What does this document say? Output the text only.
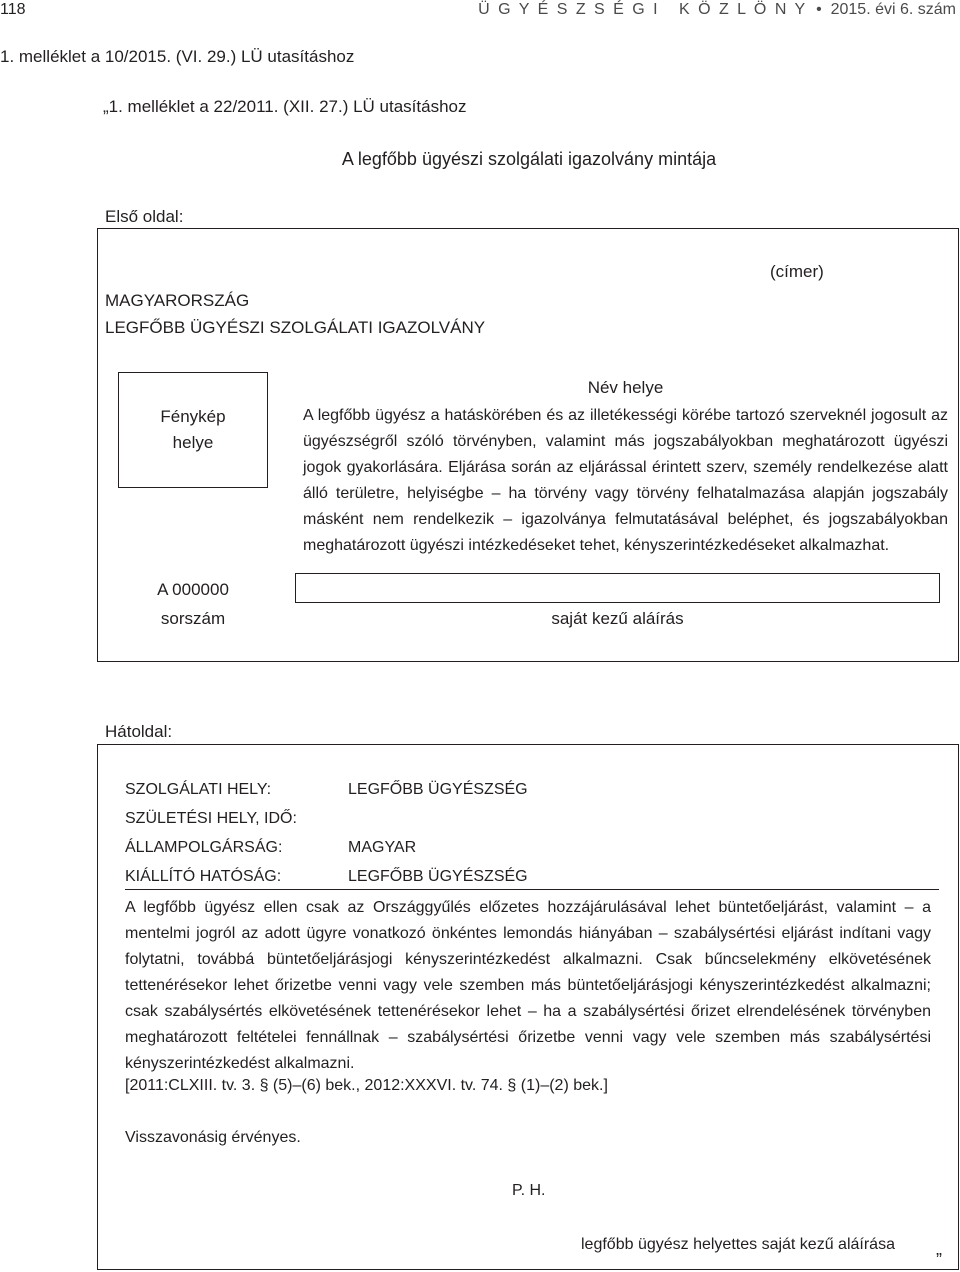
118	Ü G Y É S Z S É G I   K Ö Z L Ö N Y • 2015. évi 6. szám
1. melléklet a 10/2015. (VI. 29.) LÜ utasításhoz
„1. melléklet a 22/2011. (XII. 27.) LÜ utasításhoz
A legfőbb ügyészi szolgálati igazolvány mintája
Első oldal:
(címer)
MAGYARORSZÁG
LEGFŐBB ÜGYÉSZI SZOLGÁLATI IGAZOLVÁNY
Fénykép
helye
Név helye
A legfőbb ügyész a hatáskörében és az illetékességi körébe tartozó szerveknél jogosult az ügyészségről szóló törvényben, valamint más jogszabályokban meghatározott ügyészi jogok gyakorlására. Eljárása során az eljárással érintett szerv, személy rendelkezése alatt álló területre, helyiségbe – ha törvény vagy törvény felhatalmazása alapján jogszabály másként nem rendelkezik – igazolványa felmutatásával beléphet, és jogszabályokban meghatározott ügyészi intézkedéseket tehet, kényszerintézkedéseket alkalmazhat.
A 000000
sorszám	saját kezű aláírás
Hátoldal:
SZOLGÁLATI HELY:	LEGFŐBB ÜGYÉSZSÉG
SZÜLETÉSI HELY, IDŐ:
ÁLLAMPOLGÁRSÁG:	MAGYAR
KIÁLLÍTÓ HATÓSÁG:	LEGFŐBB ÜGYÉSZSÉG
A legfőbb ügyész ellen csak az Országgyűlés előzetes hozzájárulásával lehet büntetőeljárást, valamint – a mentelmi jogról az adott ügyre vonatkozó önkéntes lemondás hiányában – szabálysértési eljárást indítani vagy folytatni, továbbá büntetőeljárásjogi kényszerintézkedést alkalmazni. Csak bűncselekmény elkövetésének tettenérésekor lehet őrizetbe venni vagy vele szemben más büntetőeljárásjogi kényszerintézkedést alkalmazni; csak szabálysértés elkövetésének tettenérésekor lehet – ha a szabálysértési őrizet elrendelésének törvényben meghatározott feltételei fennállnak – szabálysértési őrizetbe venni vagy vele szemben más szabálysértési kényszerintézkedést alkalmazni.
[2011:CLXIII. tv. 3. § (5)–(6) bek., 2012:XXXVI. tv. 74. § (1)–(2) bek.]
Visszavonásig érvényes.
P. H.
legfőbb ügyész helyettes saját kezű aláírása
”
